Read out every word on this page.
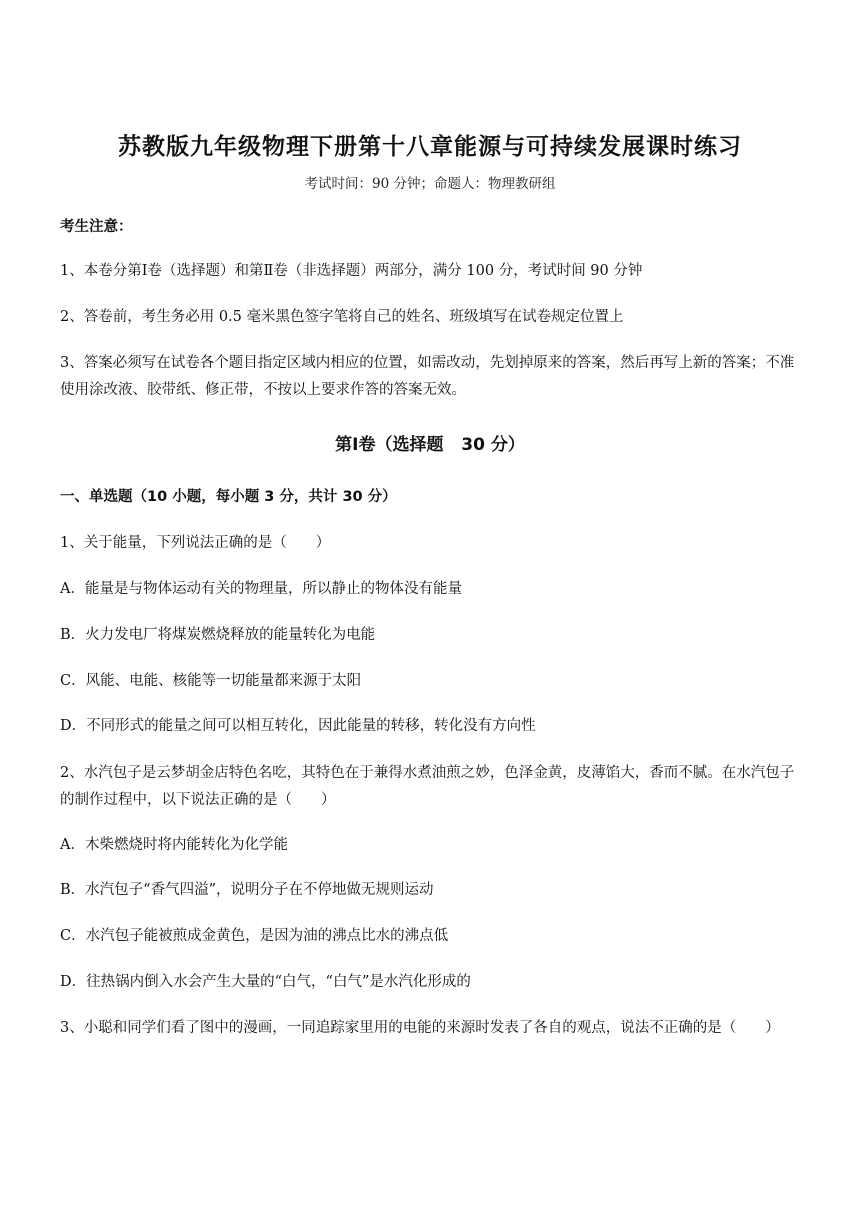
苏教版九年级物理下册第十八章能源与可持续发展课时练习
考试时间：90 分钟；命题人：物理教研组
考生注意：
1、本卷分第Ⅰ卷（选择题）和第Ⅱ卷（非选择题）两部分，满分 100 分，考试时间 90 分钟
2、答卷前，考生务必用 0.5 毫米黑色签字笔将自己的姓名、班级填写在试卷规定位置上
3、答案必须写在试卷各个题目指定区域内相应的位置，如需改动，先划掉原来的答案，然后再写上新的答案；不准使用涂改液、胶带纸、修正带，不按以上要求作答的答案无效。
第Ⅰ卷（选择题   30 分）
一、单选题（10 小题，每小题 3 分，共计 30 分）
1、关于能量，下列说法正确的是（　　）
A．能量是与物体运动有关的物理量，所以静止的物体没有能量
B．火力发电厂将煤炭燃烧释放的能量转化为电能
C．风能、电能、核能等一切能量都来源于太阳
D．不同形式的能量之间可以相互转化，因此能量的转移，转化没有方向性
2、水汽包子是云梦胡金店特色名吃，其特色在于兼得水煮油煎之妙，色泽金黄，皮薄馅大，香而不腻。在水汽包子的制作过程中，以下说法正确的是（　　）
A．木柴燃烧时将内能转化为化学能
B．水汽包子“香气四溢”，说明分子在不停地做无规则运动
C．水汽包子能被煎成金黄色，是因为油的沸点比水的沸点低
D．往热锅内倒入水会产生大量的“白气，“白气”是水汽化形成的
3、小聪和同学们看了图中的漫画，一同追踪家里用的电能的来源时发表了各自的观点，说法不正确的是（　　）
